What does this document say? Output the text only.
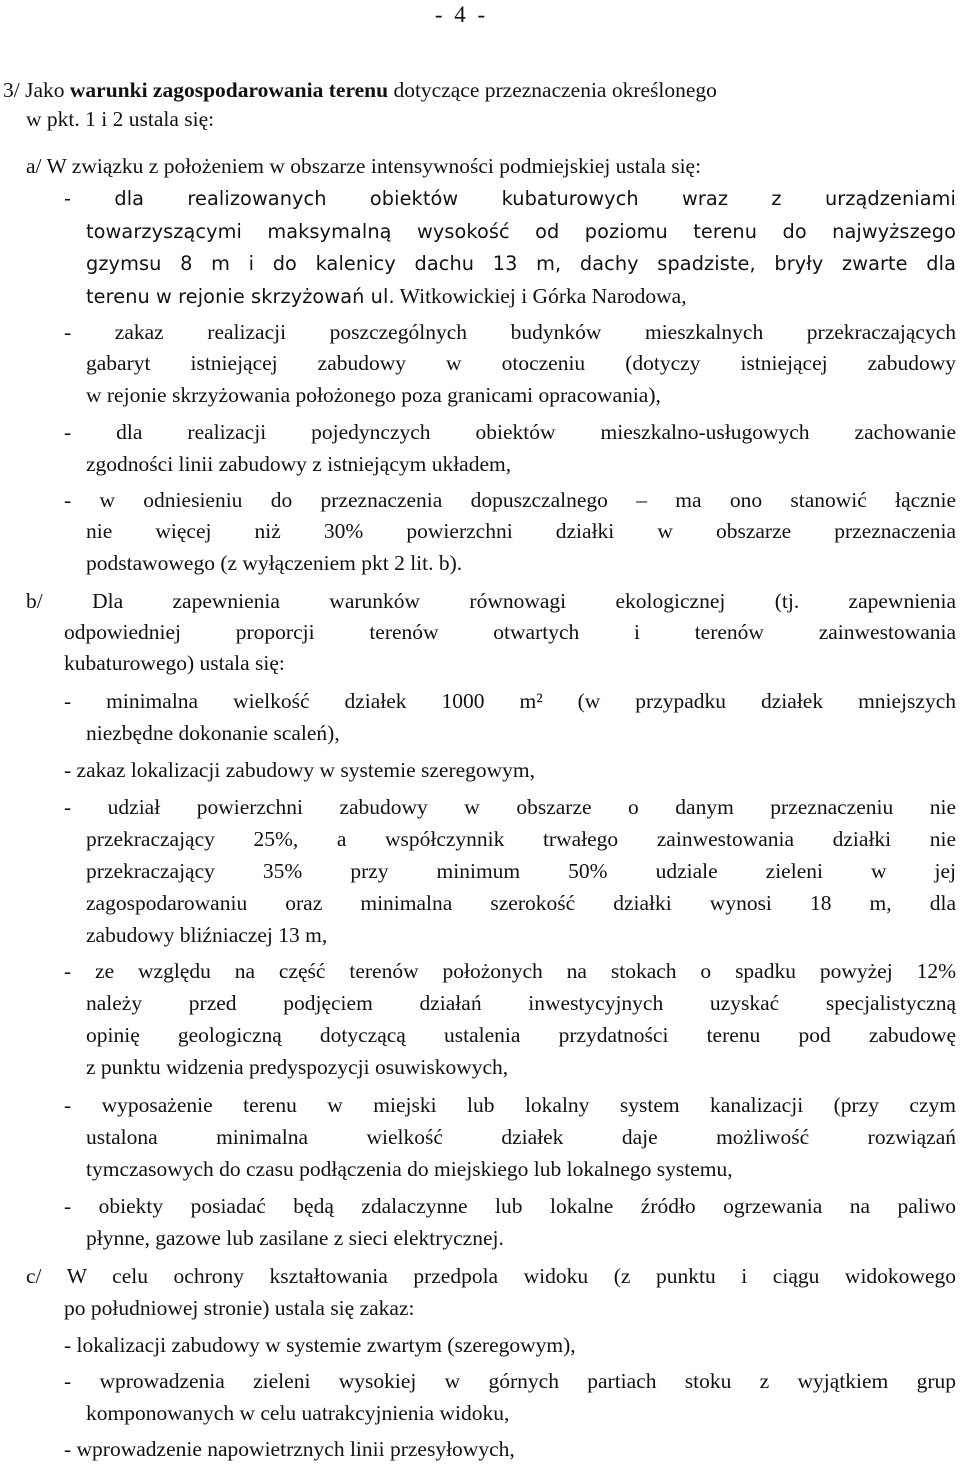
- 4 -
3/ Jako warunki zagospodarowania terenu dotyczące przeznaczenia określonego
w pkt. 1 i 2 ustala się:
a/ W związku z położeniem w obszarze intensywności podmiejskiej ustala się:
- dla realizowanych obiektów kubaturowych wraz z urządzeniami
towarzyszącymi maksymalną wysokość od poziomu terenu do najwyższego
gzymsu 8 m i do kalenicy dachu 13 m, dachy spadziste, bryły zwarte dla
terenu w rejonie skrzyżowań ul. Witkowickiej i Górka Narodowa,
- zakaz realizacji poszczególnych budynków mieszkalnych przekraczających
gabaryt istniejącej zabudowy w otoczeniu (dotyczy istniejącej zabudowy
w rejonie skrzyżowania położonego poza granicami opracowania),
- dla realizacji pojedynczych obiektów mieszkalno-usługowych zachowanie
zgodności linii zabudowy z istniejącym układem,
- w odniesieniu do przeznaczenia dopuszczalnego – ma ono stanowić łącznie
nie więcej niż 30% powierzchni działki w obszarze przeznaczenia
podstawowego (z wyłączeniem pkt 2 lit. b).
b/ Dla zapewnienia warunków równowagi ekologicznej (tj. zapewnienia
odpowiedniej proporcji terenów otwartych i terenów zainwestowania
kubaturowego) ustala się:
- minimalna wielkość działek 1000 m² (w przypadku działek mniejszych
niezbędne dokonanie scaleń),
- zakaz lokalizacji zabudowy w systemie szeregowym,
- udział powierzchni zabudowy w obszarze o danym przeznaczeniu nie
przekraczający 25%, a współczynnik trwałego zainwestowania działki nie
przekraczający 35% przy minimum 50% udziale zieleni w jej
zagospodarowaniu oraz minimalna szerokość działki wynosi 18 m, dla
zabudowy bliźniaczej 13 m,
- ze względu na część terenów położonych na stokach o spadku powyżej 12%
należy przed podjęciem działań inwestycyjnych uzyskać specjalistyczną
opinię geologiczną dotyczącą ustalenia przydatności terenu pod zabudowę
z punktu widzenia predyspozycji osuwiskowych,
- wyposażenie terenu w miejski lub lokalny system kanalizacji (przy czym
ustalona minimalna wielkość działek daje możliwość rozwiązań
tymczasowych do czasu podłączenia do miejskiego lub lokalnego systemu,
- obiekty posiadać będą zdalaczynne lub lokalne źródło ogrzewania na paliwo
płynne, gazowe lub zasilane z sieci elektrycznej.
c/ W celu ochrony kształtowania przedpola widoku (z punktu i ciągu widokowego
po południowej stronie) ustala się zakaz:
- lokalizacji zabudowy w systemie zwartym (szeregowym),
- wprowadzenia zieleni wysokiej w górnych partiach stoku z wyjątkiem grup
komponowanych w celu uatrakcyjnienia widoku,
- wprowadzenie napowietrznych linii przesyłowych,
